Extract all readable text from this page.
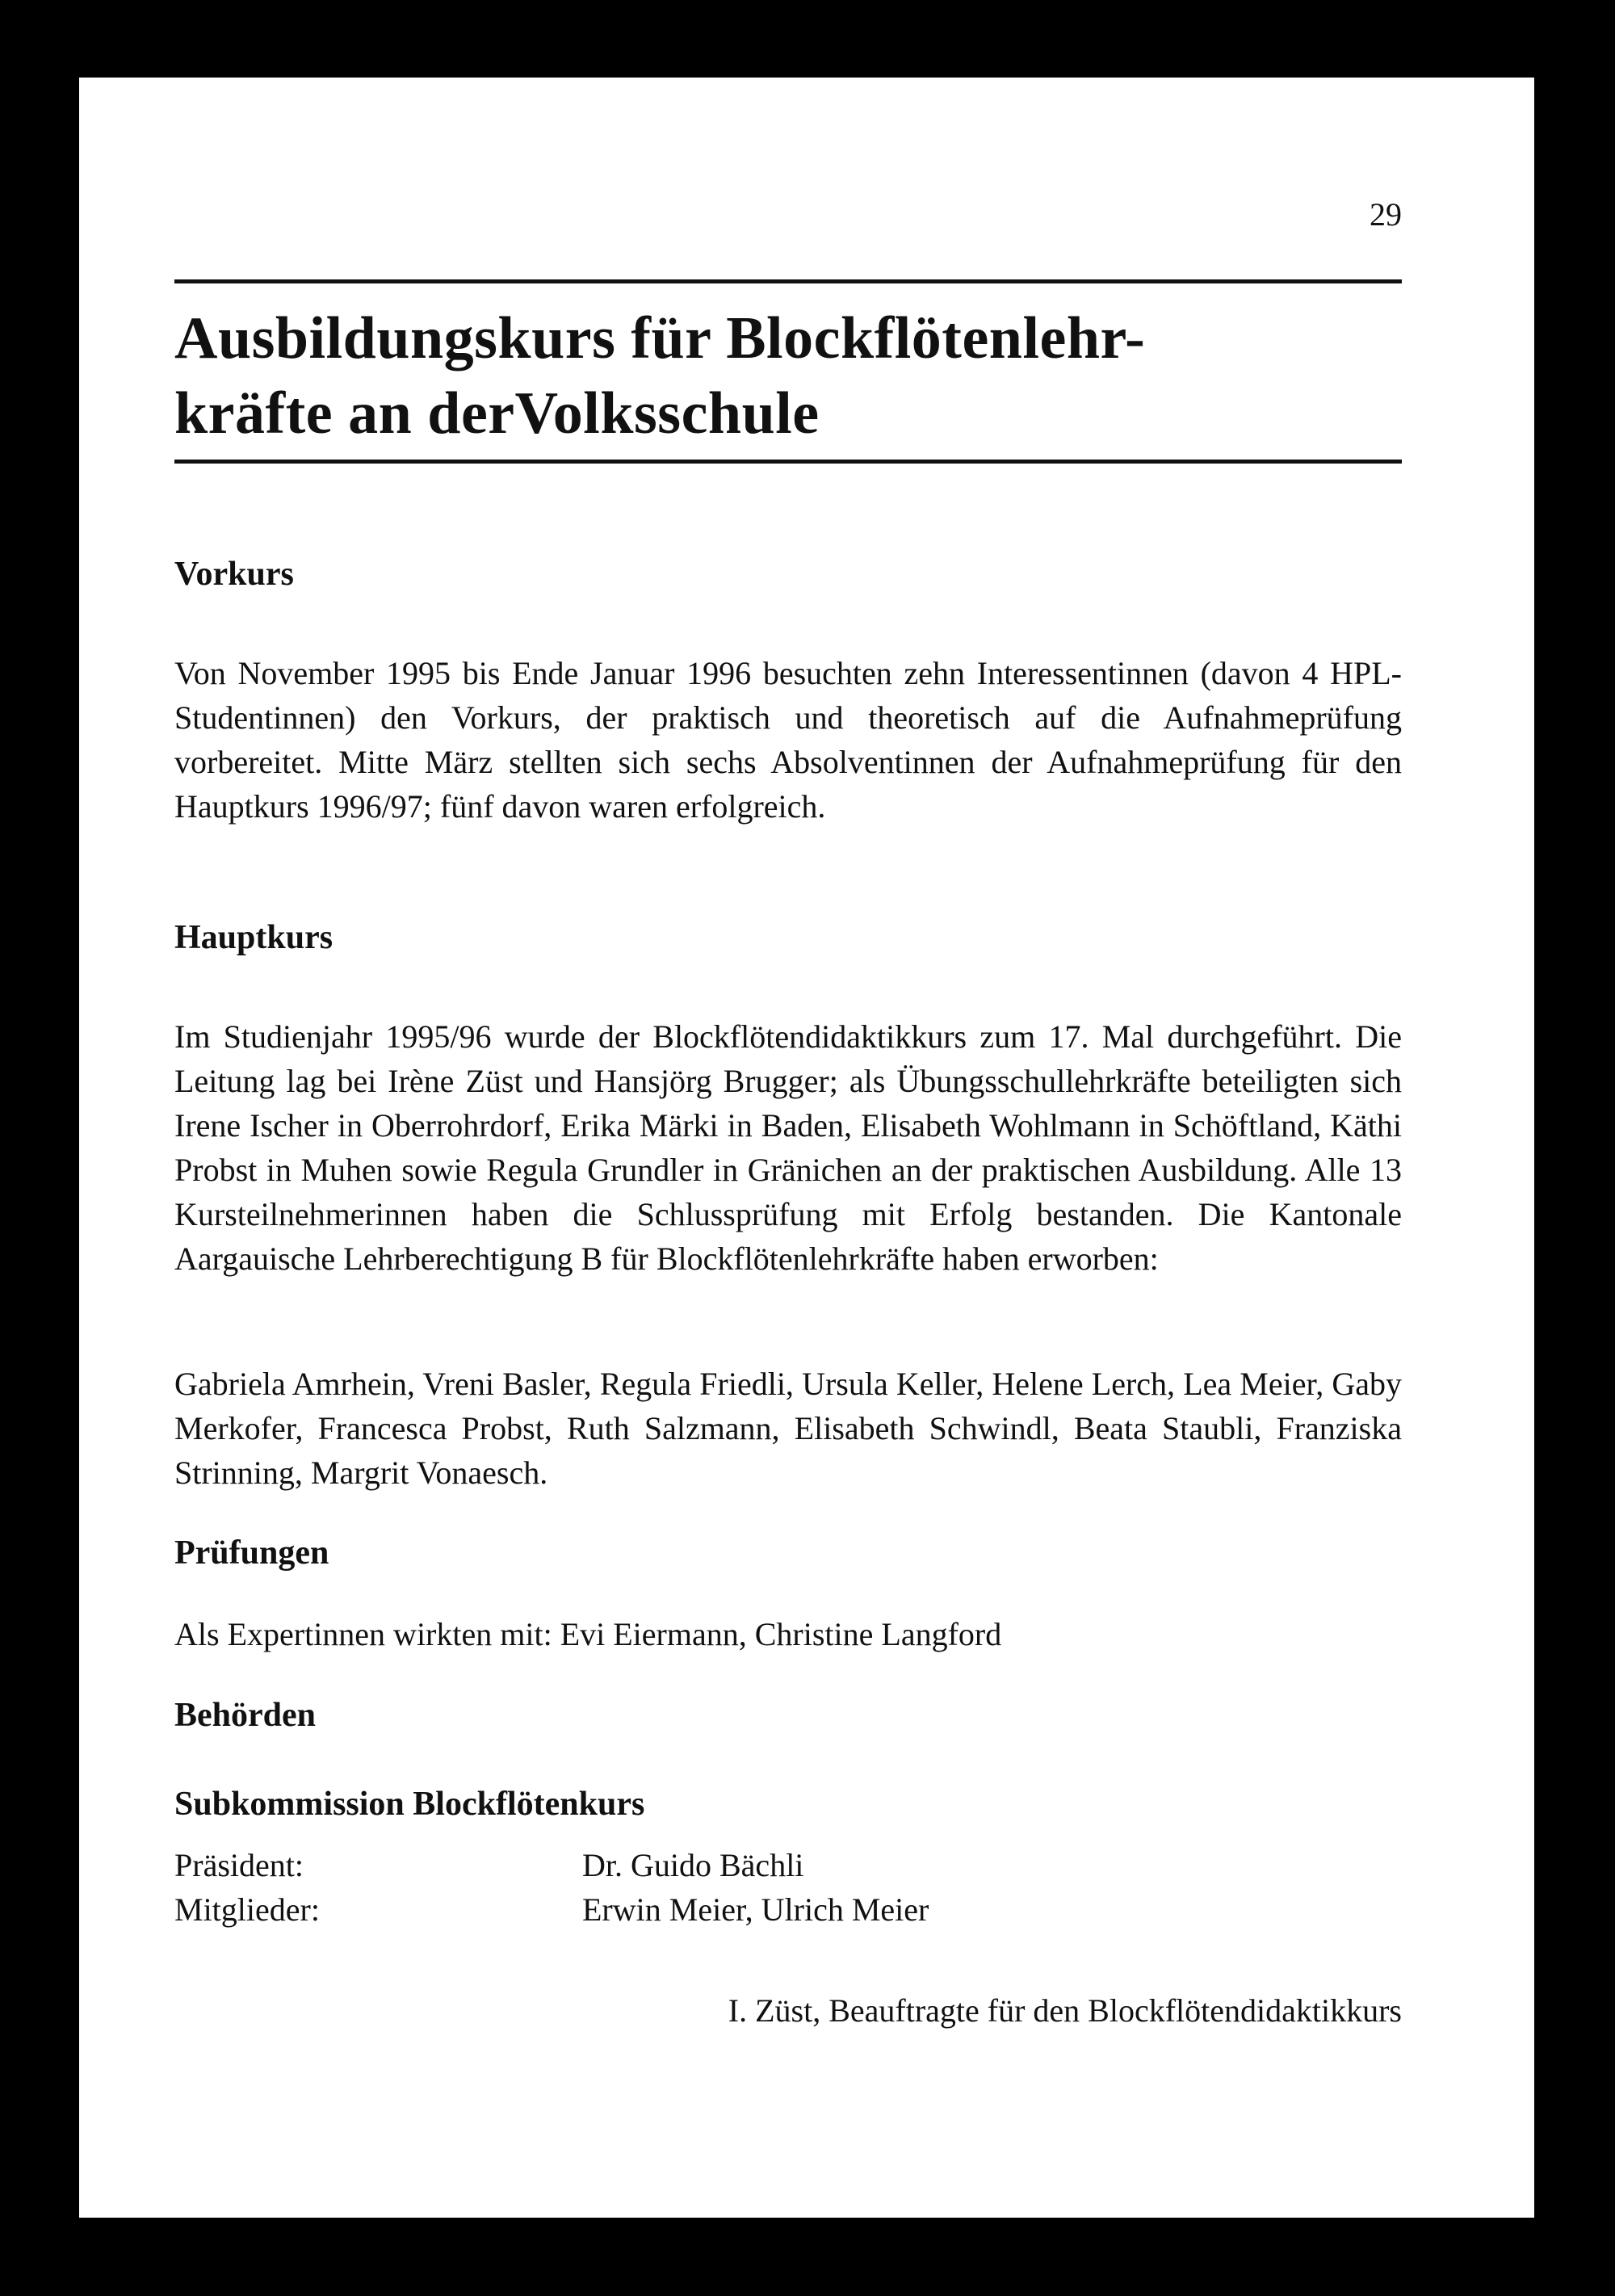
29
Ausbildungskurs für Blockflötenlehr-
kräfte an derVolksschule
Vorkurs

Von November 1995 bis Ende Januar 1996 besuchten zehn Interessentinnen (davon 4 HPL-Studentinnen) den Vorkurs, der praktisch und theoretisch auf die Aufnahmeprüfung vorbereitet. Mitte März stellten sich sechs Absolventinnen der Aufnahmeprüfung für den Hauptkurs 1996/97; fünf davon waren erfolgreich.

Hauptkurs

Im Studienjahr 1995/96 wurde der Blockflötendidaktikkurs zum 17. Mal durchgeführt. Die Leitung lag bei Irène Züst und Hansjörg Brugger; als Übungsschullehrkräfte beteiligten sich Irene Ischer in Oberrohrdorf, Erika Märki in Baden, Elisabeth Wohlmann in Schöftland, Käthi Probst in Muhen sowie Regula Grundler in Gränichen an der praktischen Ausbildung. Alle 13 Kursteilnehmerinnen haben die Schlussprüfung mit Erfolg bestanden. Die Kantonale Aargauische Lehrberechtigung B für Blockflötenlehrkräfte haben erworben:

Gabriela Amrhein, Vreni Basler, Regula Friedli, Ursula Keller, Helene Lerch, Lea Meier, Gaby Merkofer, Francesca Probst, Ruth Salzmann, Elisabeth Schwindl, Beata Staubli, Franziska Strinning, Margrit Vonaesch.

Prüfungen

Als Expertinnen wirkten mit: Evi Eiermann, Christine Langford

Behörden
Subkommission Blockflötenkurs

Präsident:	Dr. Guido Bächli

Mitglieder:	Erwin Meier, Ulrich Meier

I. Züst, Beauftragte für den Blockflötendidaktikkurs
